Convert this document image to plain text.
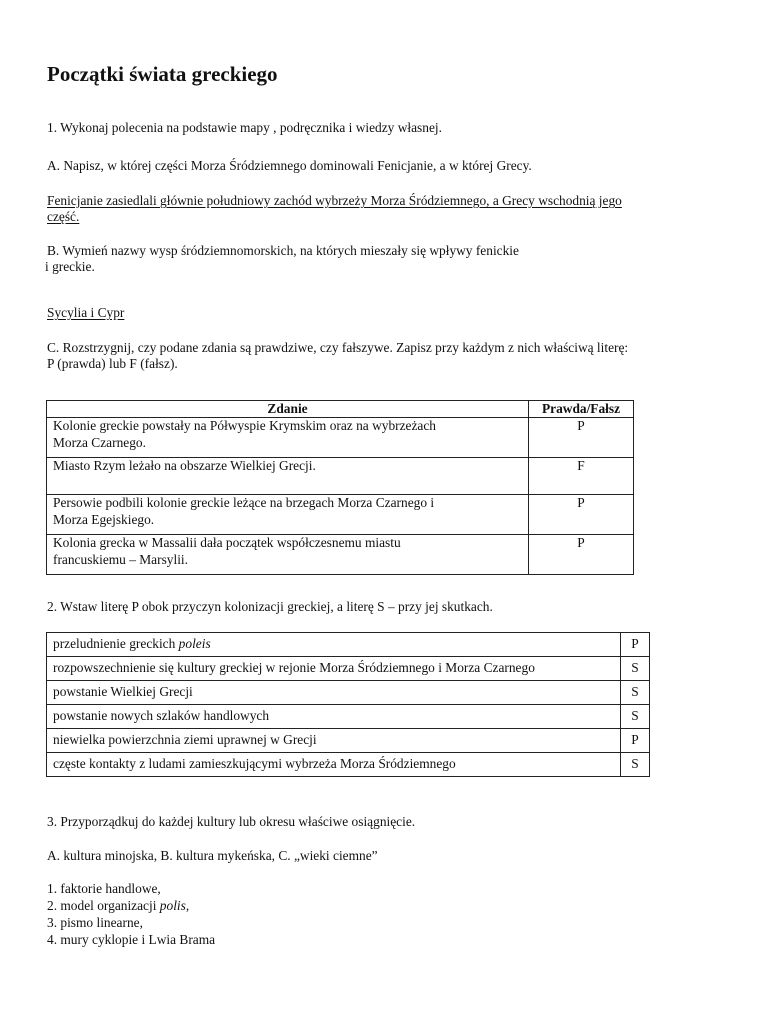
Początki świata greckiego

1. Wykonaj polecenia na podstawie mapy , podręcznika i wiedzy własnej.

A. Napisz, w której części Morza Śródziemnego dominowali Fenicjanie, a w której Grecy.

Fenicjanie zasiedlali głównie południowy zachód wybrzeży Morza Śródziemnego, a Grecy wschodnią jego

część.

B. Wymień nazwy wysp śródziemnomorskich, na których mieszały się wpływy fenickie

i greckie.

Sycylia i Cypr

C. Rozstrzygnij, czy podane zdania są prawdziwe, czy fałszywe. Zapisz przy każdym z nich właściwą literę:

P (prawda) lub F (fałsz).

Zdanie	Prawda/Fałsz
Kolonie greckie powstały na Półwyspie Krymskim oraz na wybrzeżach
Morza Czarnego.	P
Miasto Rzym leżało na obszarze Wielkiej Grecji.	F
Persowie podbili kolonie greckie leżące na brzegach Morza Czarnego i
Morza Egejskiego.	P
Kolonia grecka w Massalii dała początek współczesnemu miastu
francuskiemu – Marsylii.	P

2. Wstaw literę P obok przyczyn kolonizacji greckiej, a literę S – przy jej skutkach.

przeludnienie greckich poleis	P
rozpowszechnienie się kultury greckiej w rejonie Morza Śródziemnego i Morza Czarnego	S
powstanie Wielkiej Grecji	S
powstanie nowych szlaków handlowych	S
niewielka powierzchnia ziemi uprawnej w Grecji	P
częste kontakty z ludami zamieszkującymi wybrzeża Morza Śródziemnego	S

3. Przyporządkuj do każdej kultury lub okresu właściwe osiągnięcie.

A. kultura minojska, B. kultura mykeńska, C. „wieki ciemne”

1. faktorie handlowe,

2. model organizacji polis,

3. pismo linearne,

4. mury cyklopie i Lwia Brama
